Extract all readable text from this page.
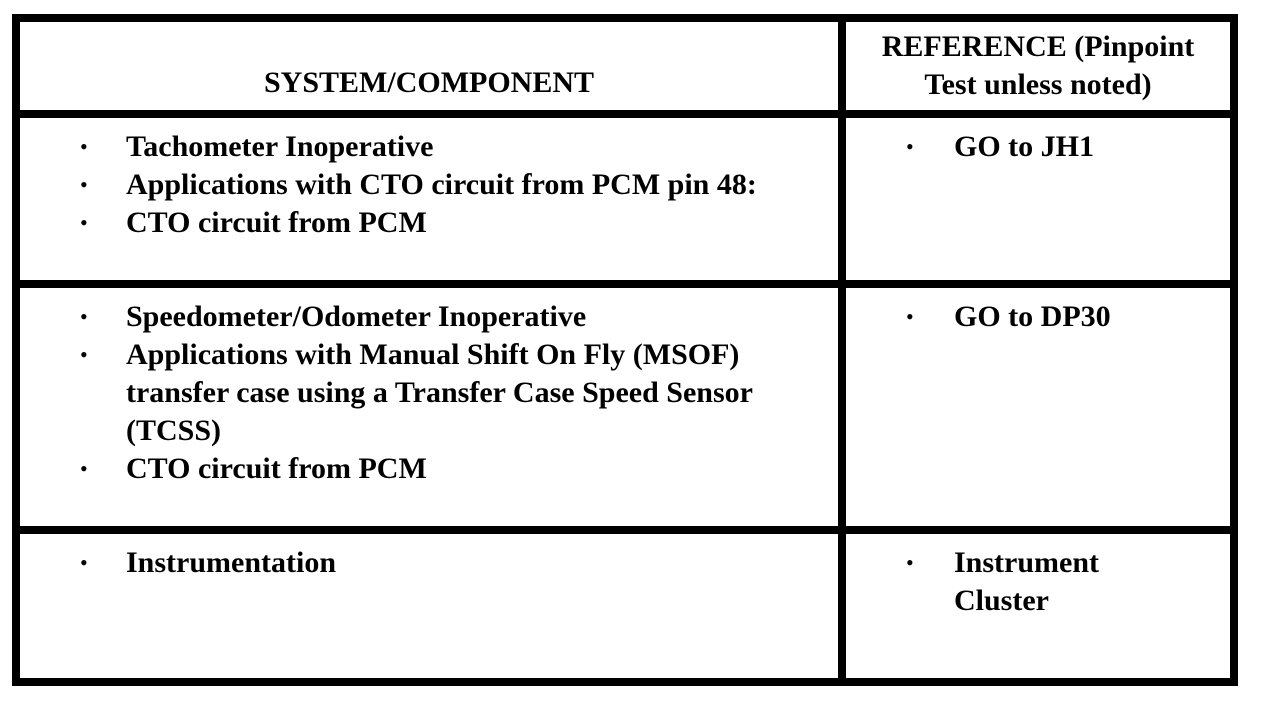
SYSTEM/COMPONENT
REFERENCE (Pinpoint Test unless noted)
• Tachometer Inoperative
• Applications with CTO circuit from PCM pin 48:
• CTO circuit from PCM
• GO to JH1
• Speedometer/Odometer Inoperative
• Applications with Manual Shift On Fly (MSOF) transfer case using a Transfer Case Speed Sensor (TCSS)
• CTO circuit from PCM
• GO to DP30
• Instrumentation	• Instrument Cluster
